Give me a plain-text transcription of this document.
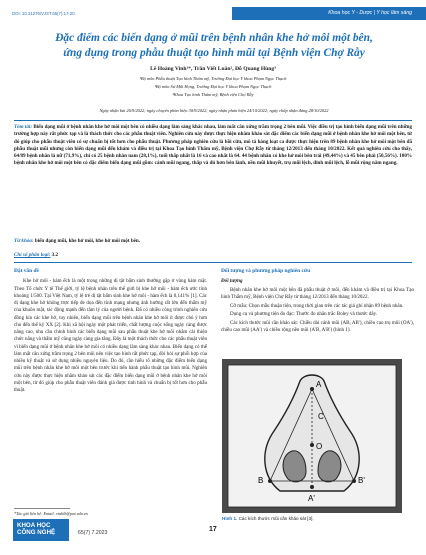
DOI: 10.31276/VJST.65(7).17-20	Khoa học Y - Dược | Y học lâm sàng
Đặc điểm các biến dạng ở mũi trên bệnh nhân khe hở môi một bên,
ứng dụng trong phẫu thuật tạo hình mũi tại Bệnh viện Chợ Rẫy
Lê Hoàng Vinh¹*, Trần Viết Luân², Đỗ Quang Hùng³
¹Bộ môn Phẫu thuật Tạo hình Thẩm mỹ, Trường Đại học Y khoa Phạm Ngọc Thạch
²Bộ môn Sư Mũi Họng, Trường Đại học Y khoa Phạm Ngọc Thạch
³Khoa Tạo hình Thẩm mỹ, Bệnh viện Chợ Rẫy
Ngày nhận bài 26/9/2022; ngày chuyển phản biện 30/9/2022; ngày nhận phản biện 24/10/2022; ngày chấp nhận đăng 28/10/2022
Tóm tắt: Biến dạng mũi ở bệnh nhân khe hở môi một bên có nhiều dạng lâm sàng khác nhau, làm mất cân xứng trầm trọng 2 bên mũi. Việc điều trị tạo hình biến dạng mũi trên những trường hợp này rất phức tạp và là thách thức cho các phẫu thuật viên. Nghiên cứu này được thực hiện nhằm khảo sát đặc điểm các biến dạng mũi ở bệnh nhân khe hở môi một bên, từ đó giúp cho phẫu thuật viên có sự chuẩn bị tốt hơn cho phẫu thuật. Phương pháp nghiên cứu là hồi cứu, mô tả hàng loạt ca được thực hiện trên 89 bệnh nhân khe hở môi một bên đã phẫu thuật mũi nhưng còn biến dạng mũi đến khám và điều trị tại Khoa Tạo hình Thẩm mỹ, Bệnh viện Chợ Rẫy từ tháng 12/2013 đến tháng 10/2022. Kết quả nghiên cứu cho thấy, 64/89 bệnh nhân là nữ (71,9%), chỉ có 25 bệnh nhân nam (28,1%), tuổi thấp nhất là 16 và cao nhất là 64. 44 bệnh nhân có khe hở môi bên trái (49,44%) và 45 bên phải (50,56%). 100% bệnh nhân khe hở môi một bên có đặc điểm biến dạng mũi gồm: cánh mũi ngang, thấp và đủ hơn bên lành, nền mũi khuyết, trụ mũi lệch, đỉnh mũi lệch, lỗ mũi rộng nằm ngang.
Từ khóa: biến dạng mũi, khe hở môi, khe hở môi một bên.
Chỉ số phân loại: 3.2
Đặt vấn đề

Khe hở môi - hàm ếch là một trong những dị tật bẩm sinh thường gặp ở vùng hàm mặt. Theo Tổ chức Y tế Thế giới, tỷ lệ bệnh nhân trên thế giới bị khe hở môi - hàm ếch ước tính khoảng 1/500. Tại Việt Nam, tỷ lệ trẻ dị tật bẩm sinh khe hở môi - hàm ếch là 0,141% [1]. Các dị dạng khe hở không trực tiếp đe dọa đến tính mạng nhưng ảnh hưởng rất lớn đến thẩm mỹ của khuôn mặt, tác động mạnh đến tâm lý của người bệnh. Đã có nhiều công trình nghiên cứu đồng kín các khe hở, tuy nhiên, biến dạng mũi trên bệnh nhân khe hở môi ít được chú ý hơn cho đến thế kỷ XX [2]. Khi xã hội ngày một phát triển, chất lượng cuộc sống ngày càng được nâng cao, nhu cầu chỉnh hình các biến dạng mũi sau phẫu thuật khe hở môi nhằm cải thiện chức năng và thẩm mỹ cũng ngày càng gia tăng. Đây là một thách thức cho các phẫu thuật viên vì biến dạng mũi ở bệnh nhân khe hở môi có nhiều dạng lâm sàng khác nhau. Biến dạng có thể làm mất cân xứng trầm trọng 2 bên mũi nên việc tạo hình rất phức tạp, đòi hỏi sự phối hợp của nhiều kỹ thuật và sử dụng nhiều nguyên liệu. Do đó, cần hiểu rõ những đặc điểm biến dạng mũi trên bệnh nhân khe hở môi một bên trước khi tiến hành phẫu thuật tạo hình mũi. Nghiên cứu này được thực hiện nhằm khảo sát các đặc điểm biến dạng mũi ở bệnh nhân khe hở môi một bên, từ đó giúp cho phẫu thuật viên đánh giá được tình hình và chuẩn bị tốt hơn cho phẫu thuật.

Đối tượng và phương pháp nghiên cứu
Đối tượng

Bệnh nhân khe hở môi một bên đã phẫu thuật ở môi, đến khám và điều trị tại Khoa Tạo hình Thẩm mỹ, Bệnh viện Chợ Rẫy từ tháng 12/2013 đến tháng 10/2022.

Cỡ mẫu: Chọn mẫu thuận tiện, trong thời gian trên các tác giả ghi nhận 89 bệnh nhân.

Dụng cụ và phương tiện đo đạc: Thước đo nhãn trắc Boley và thước dây.

Các kích thước mũi cần khảo sát: Chiều dài cánh mũi (AB, AB'), chiều cao trụ mũi (OA'), chiều cao mũi (AA') và chiều rộng nền mũi (A'B, A'B') (hình 1).

A
C
B	B'
A'
O
Hình 1. Các kích thước mũi cần khảo sát [3].
*Tác giả liên hệ: Email: vinhlh@pnt.edu.vn
KHOA HỌC
CÔNG NGHỆ	65(7) 7.2023	17
